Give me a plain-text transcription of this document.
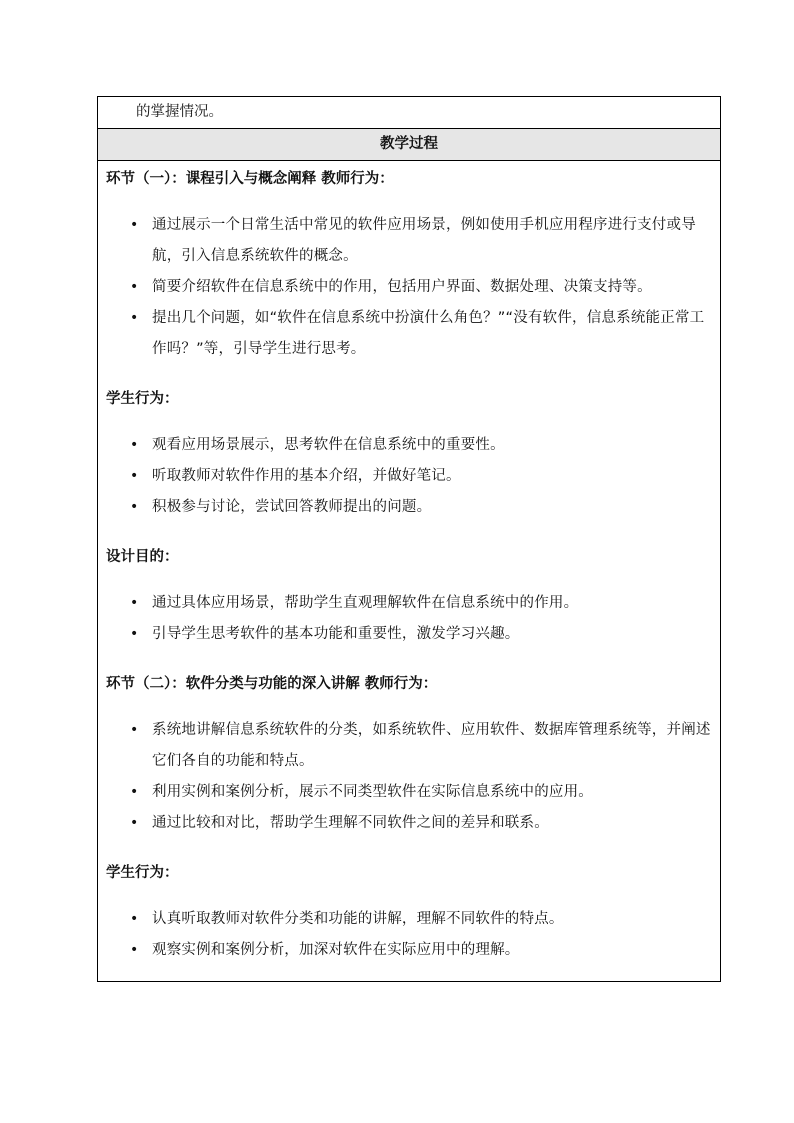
的掌握情况。
教学过程

环节（一）：课程引入与概念阐释 教师行为：

• 通过展示一个日常生活中常见的软件应用场景，例如使用手机应用程序进行支付或导航，引入信息系统软件的概念。
• 简要介绍软件在信息系统中的作用，包括用户界面、数据处理、决策支持等。
• 提出几个问题，如“软件在信息系统中扮演什么角色？”“没有软件，信息系统能正常工作吗？”等，引导学生进行思考。

学生行为：

• 观看应用场景展示，思考软件在信息系统中的重要性。
• 听取教师对软件作用的基本介绍，并做好笔记。
• 积极参与讨论，尝试回答教师提出的问题。

设计目的：

• 通过具体应用场景，帮助学生直观理解软件在信息系统中的作用。
• 引导学生思考软件的基本功能和重要性，激发学习兴趣。

环节（二）：软件分类与功能的深入讲解 教师行为：

• 系统地讲解信息系统软件的分类，如系统软件、应用软件、数据库管理系统等，并阐述它们各自的功能和特点。
• 利用实例和案例分析，展示不同类型软件在实际信息系统中的应用。
• 通过比较和对比，帮助学生理解不同软件之间的差异和联系。

学生行为：

• 认真听取教师对软件分类和功能的讲解，理解不同软件的特点。
• 观察实例和案例分析，加深对软件在实际应用中的理解。
